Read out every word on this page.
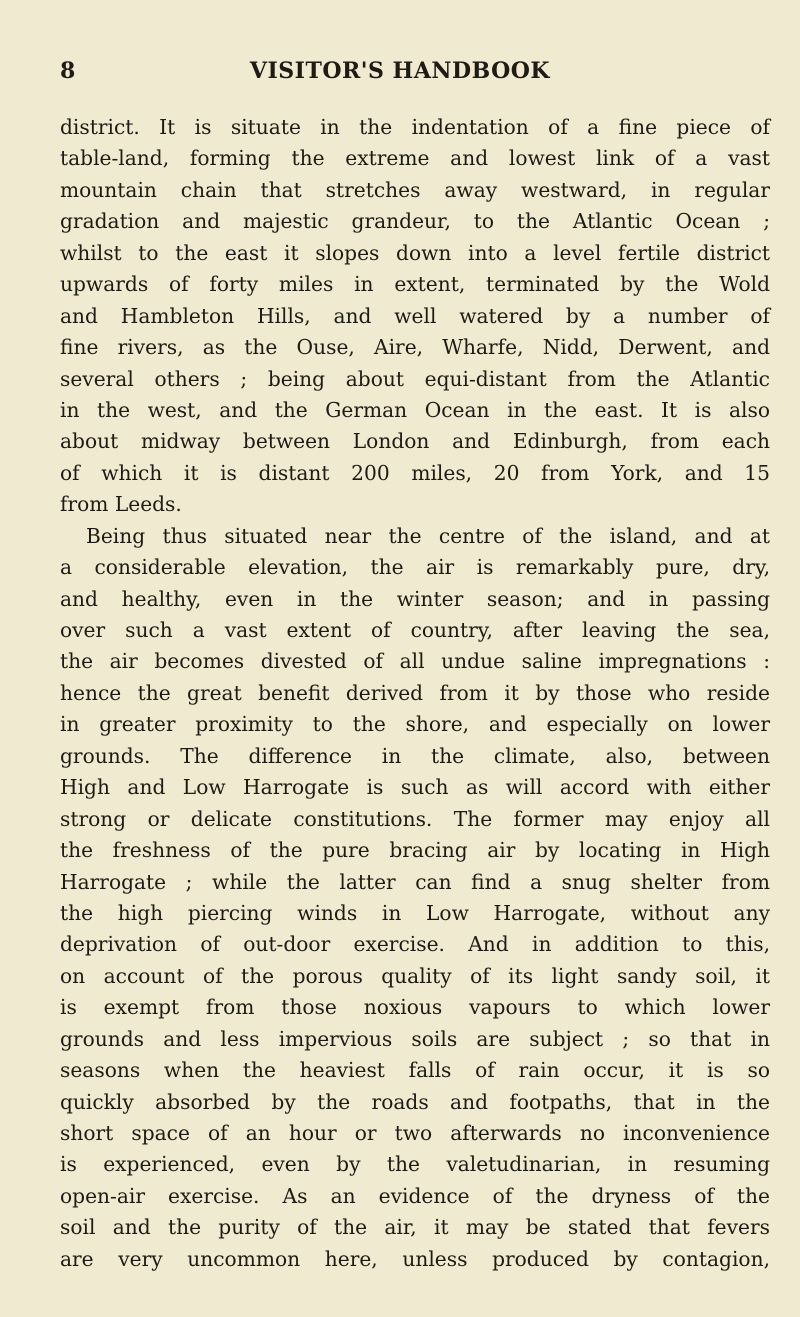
8	VISITOR'S HANDBOOK
district. It is situate in the indentation of a fine piece of
table-land, forming the extreme and lowest link of a vast
mountain chain that stretches away westward, in regular
gradation and majestic grandeur, to the Atlantic Ocean ;
whilst to the east it slopes down into a level fertile district
upwards of forty miles in extent, terminated by the Wold
and Hambleton Hills, and well watered by a number of
fine rivers, as the Ouse, Aire, Wharfe, Nidd, Derwent, and
several others ; being about equi-distant from the Atlantic
in the west, and the German Ocean in the east. It is also
about midway between London and Edinburgh, from each
of which it is distant 200 miles, 20 from York, and 15
from Leeds.
Being thus situated near the centre of the island, and at
a considerable elevation, the air is remarkably pure, dry,
and healthy, even in the winter season; and in passing
over such a vast extent of country, after leaving the sea,
the air becomes divested of all undue saline impregnations :
hence the great benefit derived from it by those who reside
in greater proximity to the shore, and especially on lower
grounds. The difference in the climate, also, between
High and Low Harrogate is such as will accord with either
strong or delicate constitutions. The former may enjoy all
the freshness of the pure bracing air by locating in High
Harrogate ; while the latter can find a snug shelter from
the high piercing winds in Low Harrogate, without any
deprivation of out-door exercise. And in addition to this,
on account of the porous quality of its light sandy soil, it
is exempt from those noxious vapours to which lower
grounds and less impervious soils are subject ; so that in
seasons when the heaviest falls of rain occur, it is so
quickly absorbed by the roads and footpaths, that in the
short space of an hour or two afterwards no inconvenience
is experienced, even by the valetudinarian, in resuming
open-air exercise. As an evidence of the dryness of the
soil and the purity of the air, it may be stated that fevers
are very uncommon here, unless produced by contagion,
